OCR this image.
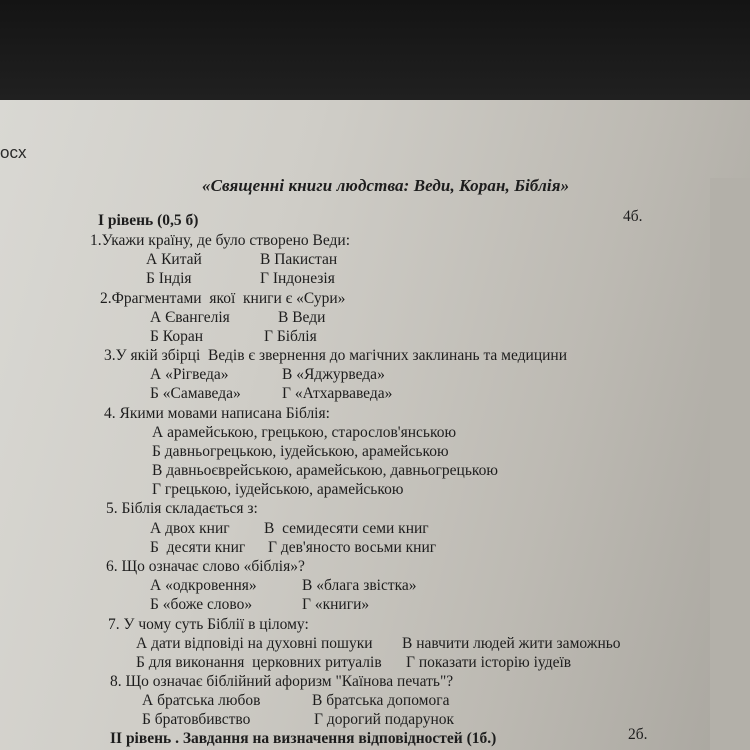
осх
«Священні книги людства: Веди, Коран, Біблія»
І рівень (0,5 б)	4б.
1.Укажи країну, де було створено Веди:
А Китай	В Пакистан
Б Індія	Г Індонезія
2.Фрагментами  якої  книги є «Сури»
А Євангелія	В Веди
Б Коран	Г Біблія
3.У якій збірці  Ведів є звернення до магічних заклинань та медицини
А «Рігведа»	В «Яджурведа»
Б «Самаведа»	Г «Атхарваведа»
4. Якими мовами написана Біблія:
А арамейською, грецькою, старослов'янською
Б давньогрецькою, іудейською, арамейською
В давньоєврейською, арамейською, давньогрецькою
Г грецькою, іудейською, арамейською
5. Біблія складається з:
А двох книг В  семидесяти семи книг
Б  десяти книг Г дев'яносто восьми книг
6. Що означає слово «біблія»?
А «одкровення»	В «блага звістка»
Б «боже слово»	Г «книги»
7. У чому суть Біблії в цілому:
А дати відповіді на духовні пошуки В навчити людей жити заможньо
Б для виконання  церковних ритуалів Г показати історію іудеїв
8. Що означає біблійний афоризм "Каїнова печать"?
А братська любов	В братська допомога
Б братовбивство	Г дорогий подарунок
ІІ рівень . Завдання на визначення відповідностей (1б.)	2б.
